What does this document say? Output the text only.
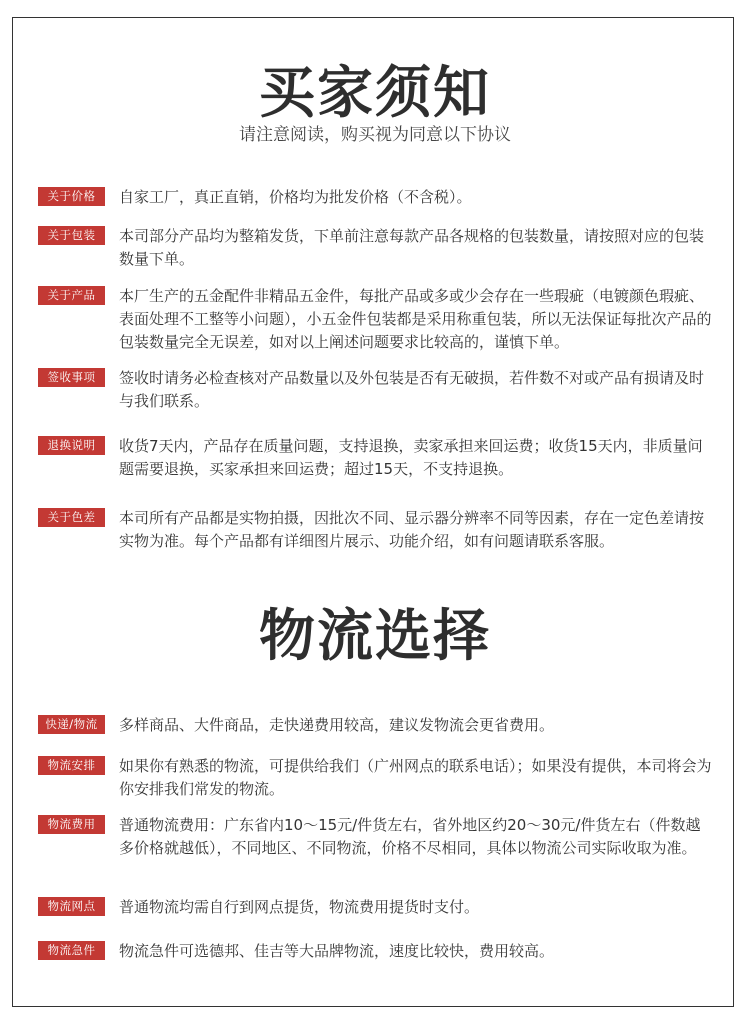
买家须知

请注意阅读，购买视为同意以下协议

关于价格	自家工厂，真正直销，价格均为批发价格（不含税）。

关于包装	本司部分产品均为整箱发货，下单前注意每款产品各规格的包装数量，请按照对应的包装数量下单。

关于产品	本厂生产的五金配件非精品五金件，每批产品或多或少会存在一些瑕疵（电镀颜色瑕疵、表面处理不工整等小问题），小五金件包装都是采用称重包装，所以无法保证每批次产品的包装数量完全无误差，如对以上阐述问题要求比较高的，谨慎下单。

签收事项	签收时请务必检查核对产品数量以及外包装是否有无破损，若件数不对或产品有损请及时与我们联系。

退换说明	收货7天内，产品存在质量问题，支持退换，卖家承担来回运费；收货15天内，非质量问题需要退换，买家承担来回运费；超过15天，不支持退换。

关于色差	本司所有产品都是实物拍摄，因批次不同、显示器分辨率不同等因素，存在一定色差请按实物为准。每个产品都有详细图片展示、功能介绍，如有问题请联系客服。

物流选择
快递/物流	多样商品、大件商品，走快递费用较高，建议发物流会更省费用。

物流安排	如果你有熟悉的物流，可提供给我们（广州网点的联系电话）；如果没有提供，本司将会为你安排我们常发的物流。

物流费用	普通物流费用：广东省内10～15元/件货左右，省外地区约20～30元/件货左右（件数越多价格就越低），不同地区、不同物流，价格不尽相同，具体以物流公司实际收取为准。

物流网点	普通物流均需自行到网点提货，物流费用提货时支付。

物流急件	物流急件可选德邦、佳吉等大品牌物流，速度比较快，费用较高。
